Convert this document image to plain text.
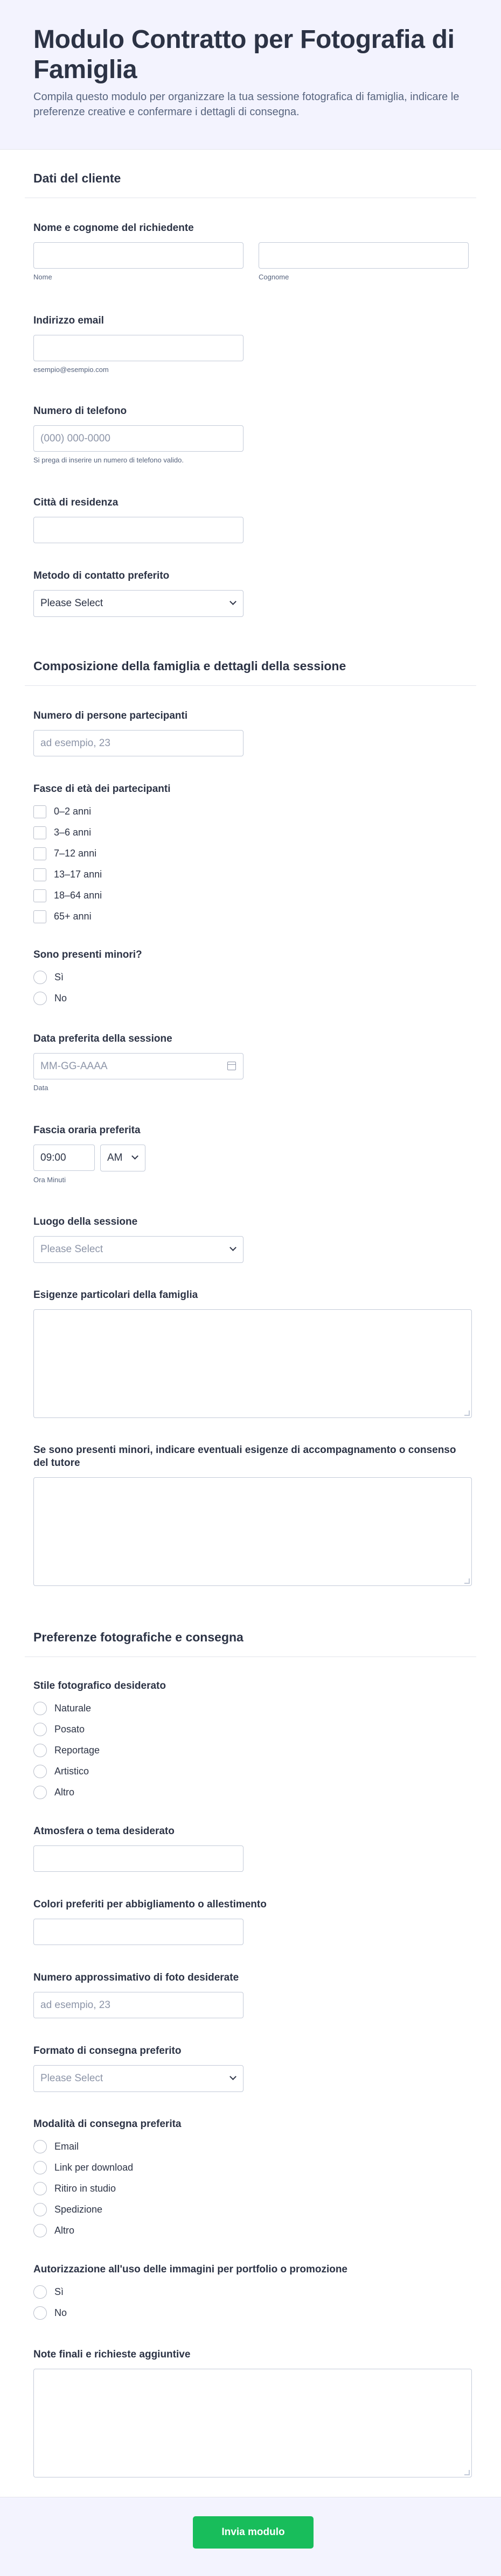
Modulo Contratto per Fotografia di Famiglia

Compila questo modulo per organizzare la tua sessione fotografica di famiglia, indicare le preferenze creative e confermare i dettagli di consegna.

Dati del cliente
Nome e cognome del richiedente
Nome	Cognome
Indirizzo email
esempio@esempio.com
Numero di telefono
(000) 000-0000
Si prega di inserire un numero di telefono valido.
Città di residenza
Metodo di contatto preferito
Please Select
Composizione della famiglia e dettagli della sessione
Numero di persone partecipanti
ad esempio, 23
Fasce di età dei partecipanti
0–2 anni
3–6 anni
7–12 anni
13–17 anni
18–64 anni
65+ anni
Sono presenti minori?
Sì
No
Data preferita della sessione
MM-GG-AAAA
Data
Fascia oraria preferita
09:00
AM
Ora Minuti
Luogo della sessione
Please Select
Esigenze particolari della famiglia
Se sono presenti minori, indicare eventuali esigenze di accompagnamento o consenso del tutore
Preferenze fotografiche e consegna
Stile fotografico desiderato
Naturale
Posato
Reportage
Artistico
Altro
Atmosfera o tema desiderato
Colori preferiti per abbigliamento o allestimento
Numero approssimativo di foto desiderate
ad esempio, 23
Formato di consegna preferito
Please Select
Modalità di consegna preferita
Email
Link per download
Ritiro in studio
Spedizione
Altro
Autorizzazione all'uso delle immagini per portfolio o promozione
Sì
No
Note finali e richieste aggiuntive
Invia modulo
